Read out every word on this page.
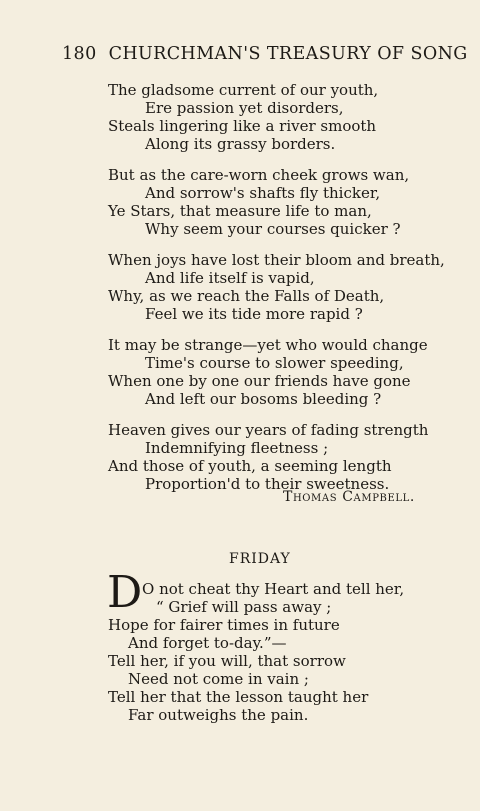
180 CHURCHMAN'S TREASURY OF SONG
The gladsome current of our youth,
Ere passion yet disorders,
Steals lingering like a river smooth
Along its grassy borders.
But as the care-worn cheek grows wan,
And sorrow's shafts fly thicker,
Ye Stars, that measure life to man,
Why seem your courses quicker ?
When joys have lost their bloom and breath,
And life itself is vapid,
Why, as we reach the Falls of Death,
Feel we its tide more rapid ?
It may be strange—yet who would change
Time's course to slower speeding,
When one by one our friends have gone
And left our bosoms bleeding ?
Heaven gives our years of fading strength
Indemnifying fleetness ;
And those of youth, a seeming length
Proportion'd to their sweetness.
Thomas Campbell.
FRIDAY
D O not cheat thy Heart and tell her,
“ Grief will pass away ;
Hope for fairer times in future
And forget to-day.”—
Tell her, if you will, that sorrow
Need not come in vain ;
Tell her that the lesson taught her
Far outweighs the pain.
